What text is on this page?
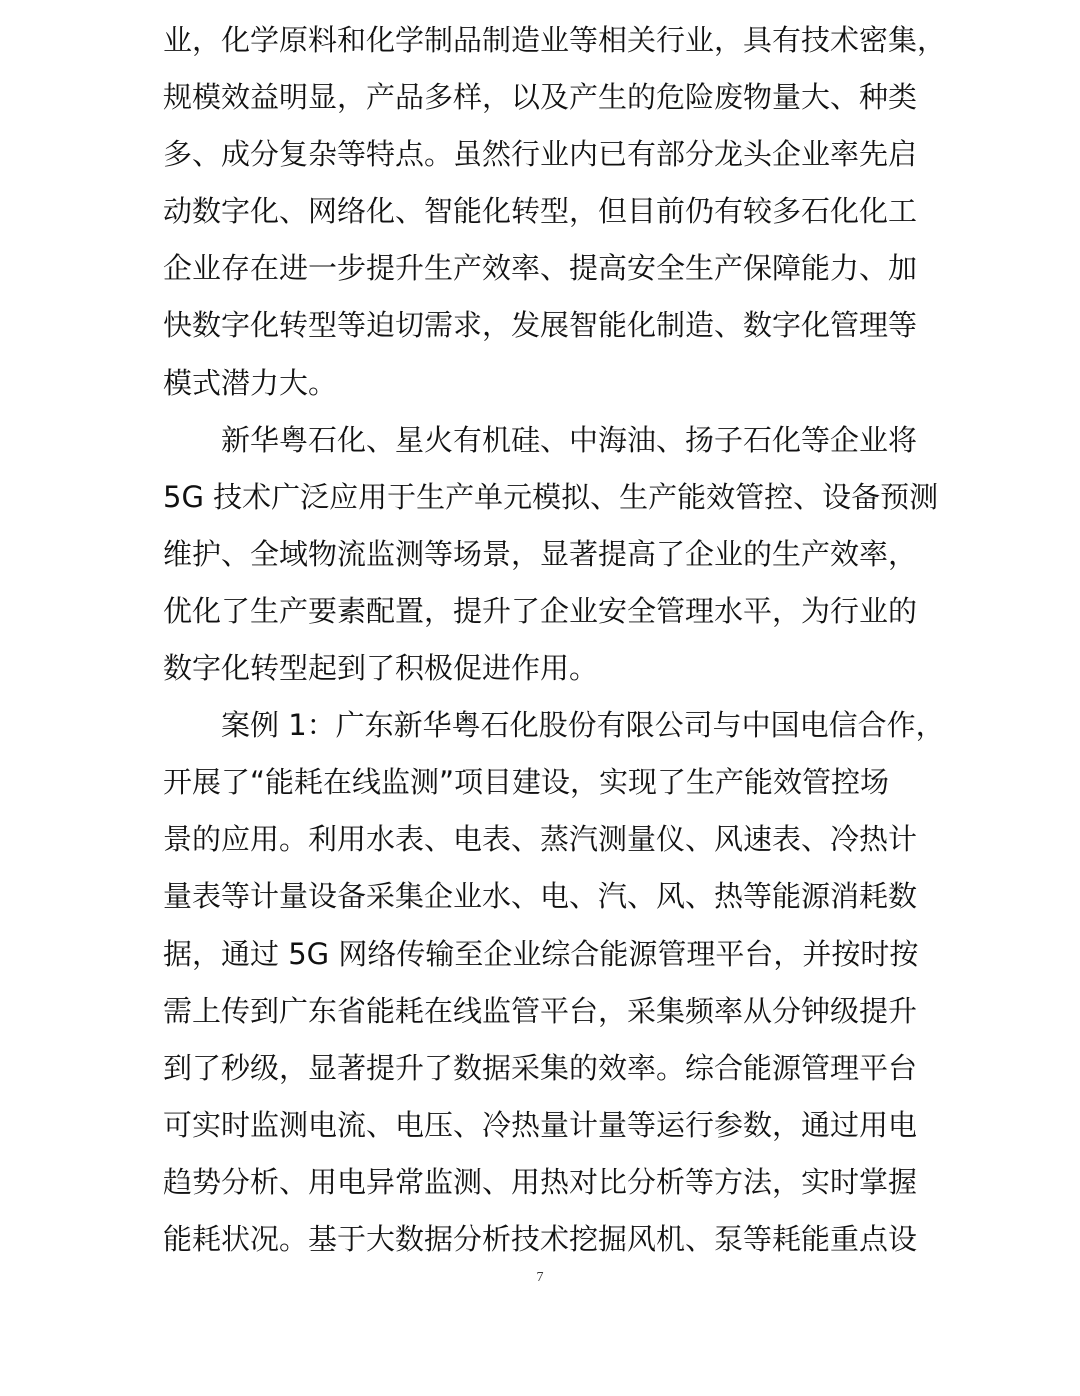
业，化学原料和化学制品制造业等相关行业，具有技术密集，
规模效益明显，产品多样，以及产生的危险废物量大、种类
多、成分复杂等特点。虽然行业内已有部分龙头企业率先启
动数字化、网络化、智能化转型，但目前仍有较多石化化工
企业存在进一步提升生产效率、提高安全生产保障能力、加
快数字化转型等迫切需求，发展智能化制造、数字化管理等
模式潜力大。
新华粤石化、星火有机硅、中海油、扬子石化等企业将
5G 技术广泛应用于生产单元模拟、生产能效管控、设备预测
维护、全域物流监测等场景，显著提高了企业的生产效率，
优化了生产要素配置，提升了企业安全管理水平，为行业的
数字化转型起到了积极促进作用。
案例 1：广东新华粤石化股份有限公司与中国电信合作，
开展了“能耗在线监测”项目建设，实现了生产能效管控场
景的应用。利用水表、电表、蒸汽测量仪、风速表、冷热计
量表等计量设备采集企业水、电、汽、风、热等能源消耗数
据，通过 5G 网络传输至企业综合能源管理平台，并按时按
需上传到广东省能耗在线监管平台，采集频率从分钟级提升
到了秒级，显著提升了数据采集的效率。综合能源管理平台
可实时监测电流、电压、冷热量计量等运行参数，通过用电
趋势分析、用电异常监测、用热对比分析等方法，实时掌握
能耗状况。基于大数据分析技术挖掘风机、泵等耗能重点设
7
